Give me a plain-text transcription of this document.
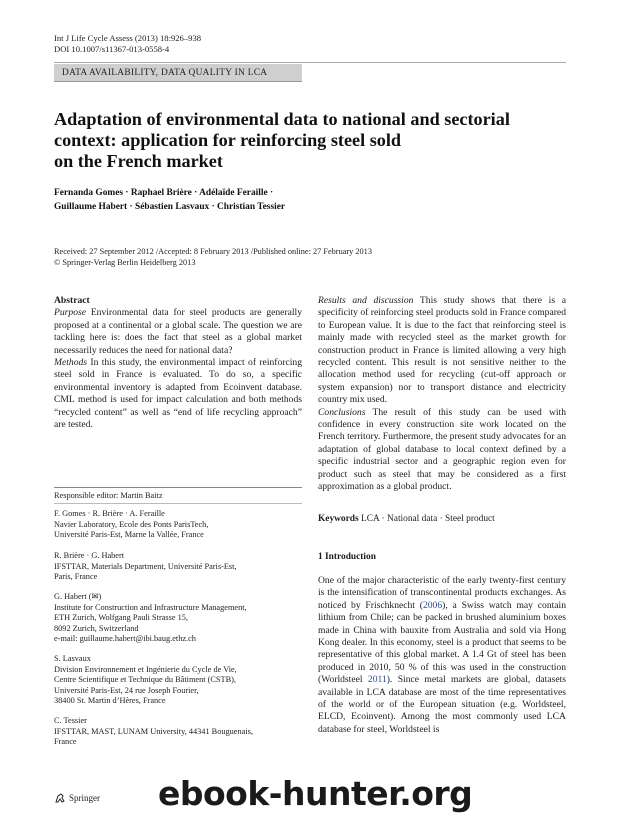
Int J Life Cycle Assess (2013) 18:926–938
DOI 10.1007/s11367-013-0558-4
DATA AVAILABILITY, DATA QUALITY IN LCA
Adaptation of environmental data to national and sectorial
context: application for reinforcing steel sold
on the French market
Fernanda Gomes · Raphael Brière · Adélaïde Feraille ·
Guillaume Habert · Sébastien Lasvaux · Christian Tessier
Received: 27 September 2012 /Accepted: 8 February 2013 /Published online: 27 February 2013
© Springer-Verlag Berlin Heidelberg 2013

Abstract

Purpose Environmental data for steel products are generally proposed at a continental or a global scale. The question we are tackling here is: does the fact that steel as a global market necessarily reduces the need for national data?

Methods In this study, the environmental impact of reinforcing steel sold in France is evaluated. To do so, a specific environmental inventory is adapted from Ecoinvent database. CML method is used for impact calculation and both methods “recycled content” as well as “end of life recycling approach” are tested.

Results and discussion This study shows that there is a specificity of reinforcing steel products sold in France compared to European value. It is due to the fact that reinforcing steel is mainly made with recycled steel as the market growth for construction product in France is limited allowing a very high recycled content. This result is not sensitive neither to the allocation method used for recycling (cut-off approach or system expansion) nor to transport distance and electricity country mix used.

Conclusions The result of this study can be used with confidence in every construction site work located on the French territory. Furthermore, the present study advocates for an adaptation of global database to local context defined by a specific industrial sector and a geographic region even for product such as steel that may be considered as a first approximation as a global product.

Keywords LCA · National data · Steel product
Responsible editor: Martin Baitz
F. Gomes · R. Brière · A. Feraille
Navier Laboratory, Ecole des Ponts ParisTech,
Université Paris-Est, Marne la Vallée, France
R. Brière · G. Habert
IFSTTAR, Materials Department, Université Paris-Est,
Paris, France
G. Habert (✉)
Institute for Construction and Infrastructure Management,
ETH Zurich, Wolfgang Pauli Strasse 15,
8092 Zurich, Switzerland
e-mail: guillaume.habert@ibi.baug.ethz.ch
S. Lasvaux
Division Environnement et Ingénierie du Cycle de Vie,
Centre Scientifique et Technique du Bâtiment (CSTB),
Université Paris-Est, 24 rue Joseph Fourier,
38400 St. Martin d’Hères, France
C. Tessier
IFSTTAR, MAST, LUNAM University, 44341 Bouguenais,
France
1 Introduction

One of the major characteristic of the early twenty-first century is the intensification of transcontinental products exchanges. As noticed by Frischknecht (2006), a Swiss watch may contain lithium from Chile; can be packed in brushed aluminium boxes made in China with bauxite from Australia and sold via Hong Kong dealer. In this economy, steel is a product that seems to be representative of this global market. A 1.4 Gt of steel has been produced in 2010, 50 % of this was used in the construction (Worldsteel 2011). Since metal markets are global, datasets available in LCA database are most of the time representatives of the world or of the European situation (e.g. Worldsteel, ELCD, Ecoinvent). Among the most commonly used LCA database for steel, Worldsteel is

Springer ebook-hunter.org
